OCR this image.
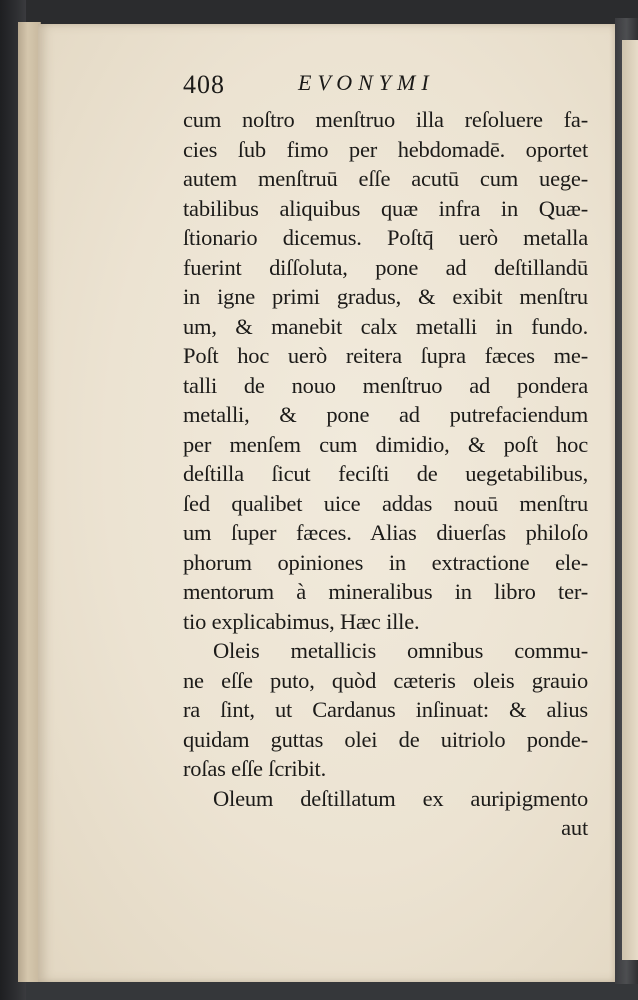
408	EVONYMI
cum noſtro menſtruo illa reſoluere fa-
cies ſub fimo per hebdomadē. oportet
autem menſtruū eſſe acutū cum uege-
tabilibus aliquibus quæ infra in Quæ-
ſtionario dicemus. Poſtq̄ uerò metalla
fuerint diſſoluta, pone ad deſtillandū
in igne primi gradus, & exibit menſtru
um, & manebit calx metalli in fundo.
Poſt hoc uerò reitera ſupra fæces me-
talli de nouo menſtruo ad pondera
metalli, & pone ad putrefaciendum
per menſem cum dimidio, & poſt hoc
deſtilla ſicut feciſti de uegetabilibus,
ſed qualibet uice addas nouū menſtru
um ſuper fæces. Alias diuerſas philoſo
phorum opiniones in extractione ele-
mentorum à mineralibus in libro ter-
tio explicabimus, Hæc ille.
Oleis metallicis omnibus commu-
ne eſſe puto, quòd cæteris oleis grauio
ra ſint, ut Cardanus inſinuat: & alius
quidam guttas olei de uitriolo ponde-
roſas eſſe ſcribit.
Oleum deſtillatum ex auripigmento
aut
